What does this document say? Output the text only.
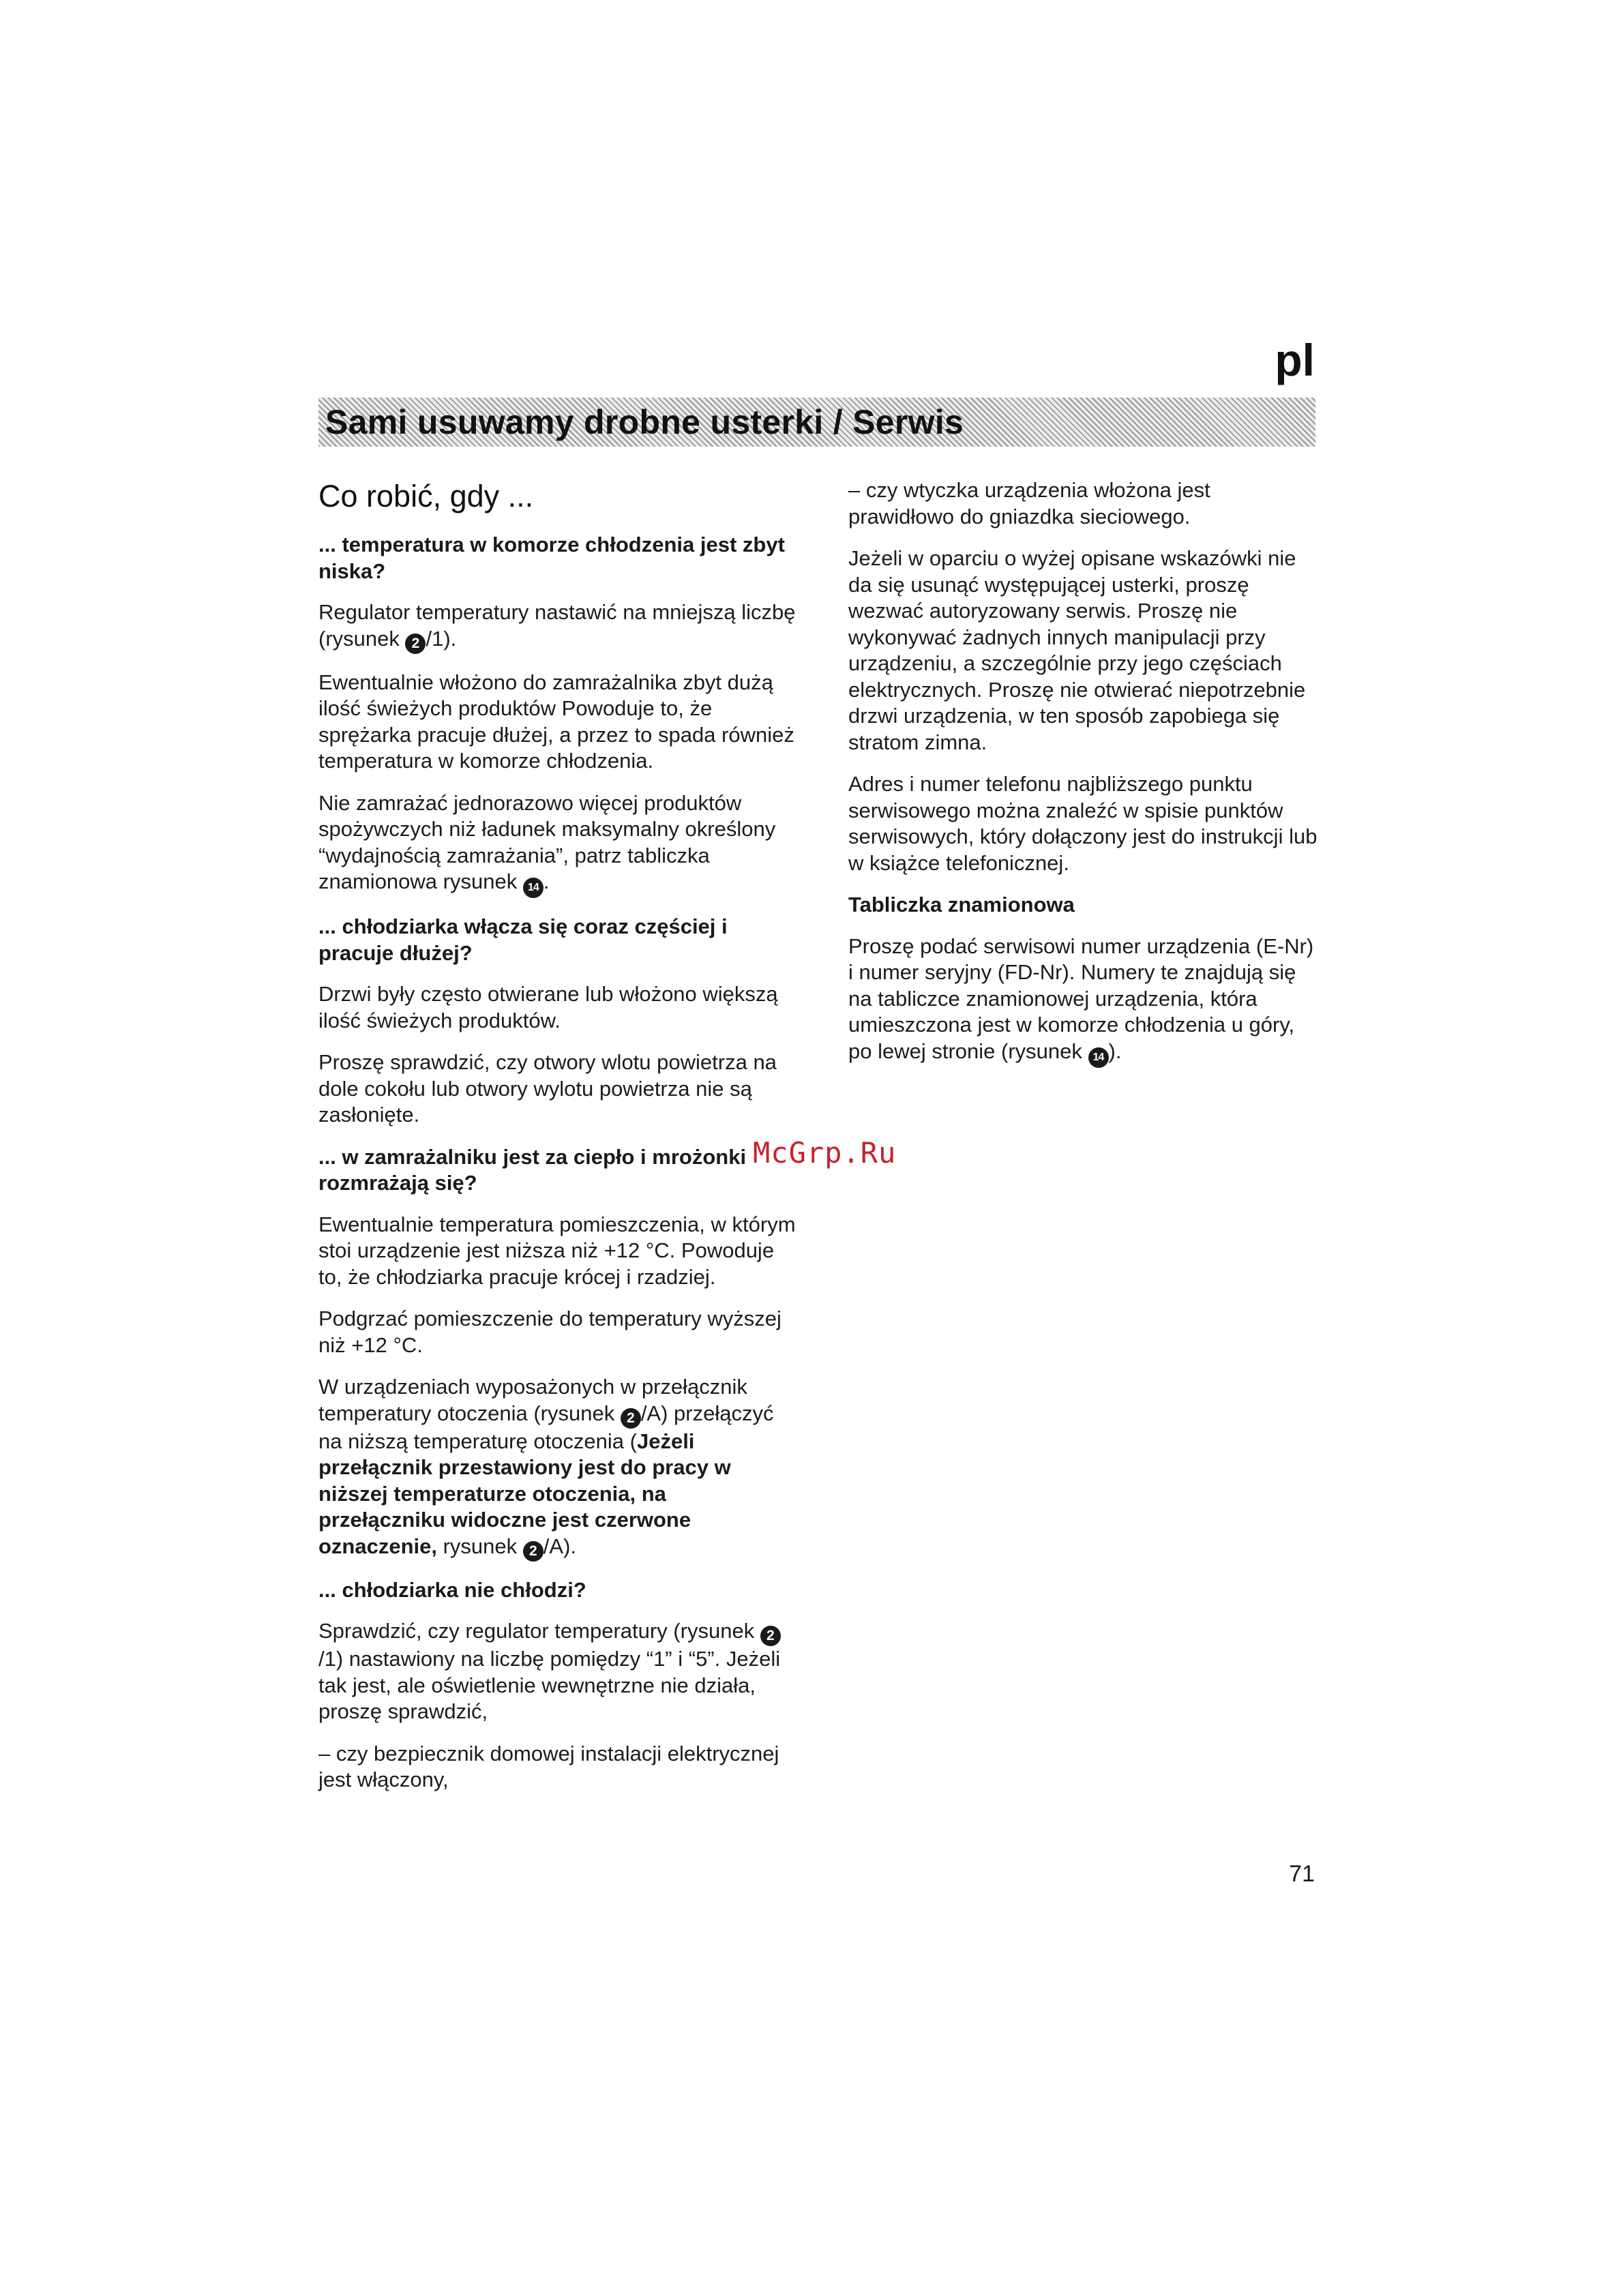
pl
Sami usuwamy drobne usterki / Serwis
Co robić, gdy ...
... temperatura w komorze chłodzenia jest zbyt niska?

Regulator temperatury nastawić na mniejszą liczbę (rysunek 2 /1).

Ewentualnie włożono do zamrażalnika zbyt dużą ilość świeżych produktów Powoduje to, że sprężarka pracuje dłużej, a przez to spada również temperatura w komorze chłodzenia.

Nie zamrażać jednorazowo więcej produktów spożywczych niż ładunek maksymalny określony “wydajnością zamrażania”, patrz tabliczka znamionowa rysunek 14 .

... chłodziarka włącza się coraz częściej i pracuje dłużej?

Drzwi były często otwierane lub włożono większą ilość świeżych produktów.

Proszę sprawdzić, czy otwory wlotu powietrza na dole cokołu lub otwory wylotu powietrza nie są zasłonięte.

... w zamrażalniku jest za ciepło i mrożonki rozmrażają się?

Ewentualnie temperatura pomieszczenia, w którym stoi urządzenie jest niższa niż +12 °C. Powoduje to, że chłodziarka pracuje krócej i rzadziej.

Podgrzać pomieszczenie do temperatury wyższej niż +12 °C.

W urządzeniach wyposażonych w przełącznik temperatury otoczenia (rysunek 2 /A) przełączyć na niższą temperaturę otoczenia (Jeżeli przełącznik przestawiony jest do pracy w niższej temperaturze otoczenia, na przełączniku widoczne jest czerwone oznaczenie, rysunek 2 /A).

... chłodziarka nie chłodzi?

Sprawdzić, czy regulator temperatury (rysunek 2/1) nastawiony na liczbę pomiędzy “1” i “5”. Jeżeli tak jest, ale oświetlenie wewnętrzne nie działa, proszę sprawdzić,

– czy bezpiecznik domowej instalacji elektrycznej jest włączony,

– czy wtyczka urządzenia włożona jest prawidłowo do gniazdka sieciowego.

Jeżeli w oparciu o wyżej opisane wskazówki nie da się usunąć występującej usterki, proszę wezwać autoryzowany serwis. Proszę nie wykonywać żadnych innych manipulacji przy urządzeniu, a szczególnie przy jego częściach elektrycznych. Proszę nie otwierać niepotrzebnie drzwi urządzenia, w ten sposób zapobiega się stratom zimna.

Adres i numer telefonu najbliższego punktu serwisowego można znaleźć w spisie punktów serwisowych, który dołączony jest do instrukcji lub w książce telefonicznej.

Tabliczka znamionowa

Proszę podać serwisowi numer urządzenia (E-Nr) i numer seryjny (FD-Nr). Numery te znajdują się na tabliczce znamionowej urządzenia, która umieszczona jest w komorze chłodzenia u góry, po lewej stronie (rysunek 14 ).

McGrp.Ru
71
